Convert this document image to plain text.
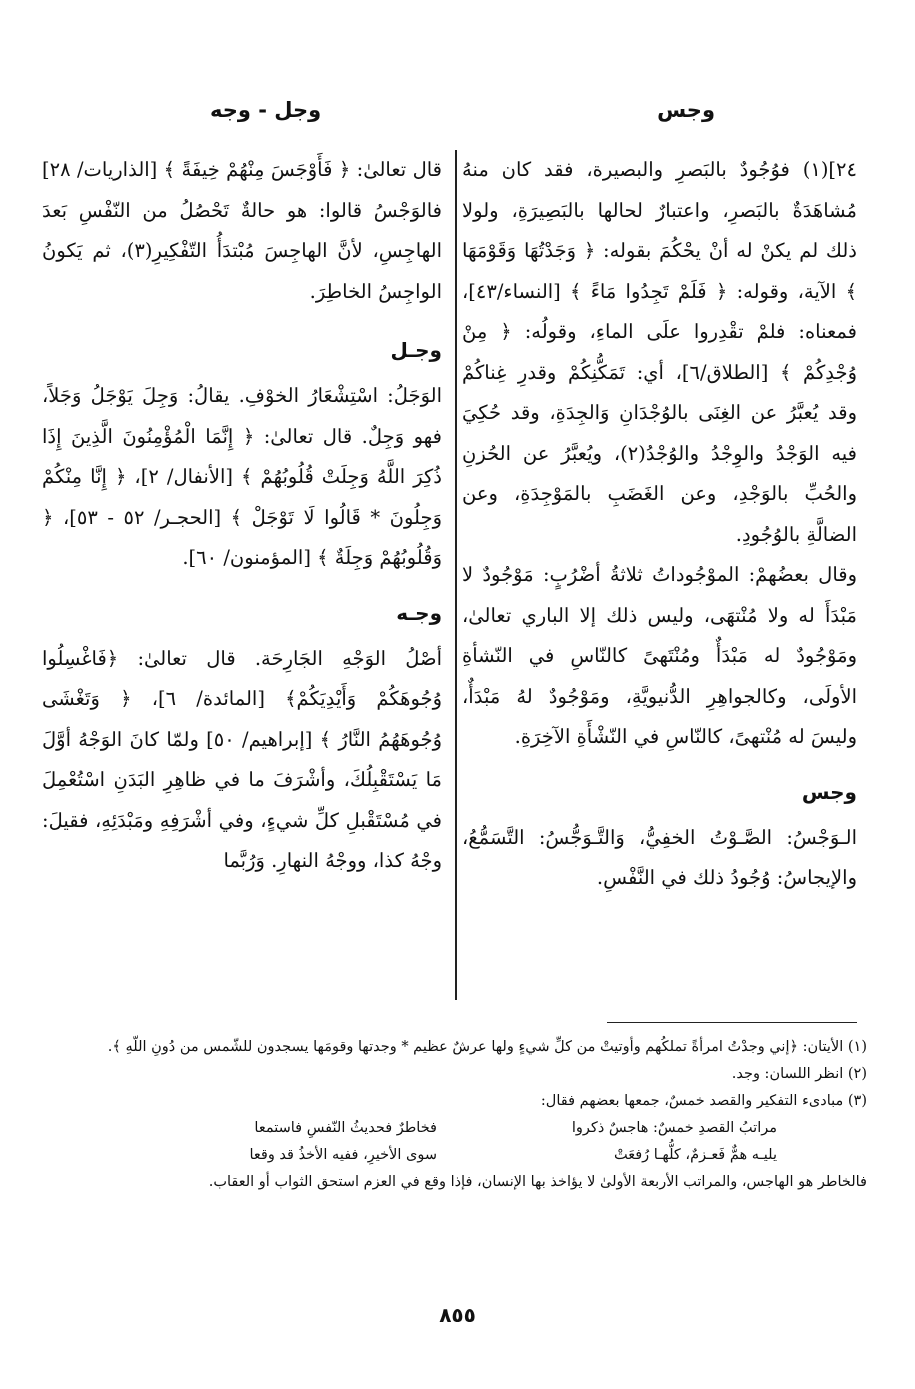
وجس
وجل - وجه

٢٤](١) فوُجُودٌ بالبَصرِ والبصيرة، فقد كان منهُ مُشاهَدَةٌ بالبَصرِ، واعتبارٌ لحالها بالبَصِيرَةِ، ولولا ذلك لم يكنْ له أنْ يحْكُمَ بقوله: ﴿ وَجَدْتُهَا وَقَوْمَهَا ﴾ الآية، وقوله: ﴿ فَلَمْ تَجِدُوا مَاءً ﴾ [النساء/٤٣]، فمعناه: فلمْ تقْدِروا علَى الماءِ، وقولُه: ﴿ مِنْ وُجْدِكُمْ ﴾ [الطلاق/٦]، أي: تَمَكُّنِكُمْ وقدرِ غِناكُمْ وقد يُعبَّرُ عن الغِنَى بالوُجْدَانِ وَالجِدَةِ، وقد حُكِيَ فيه الوَجْدُ والوِجْدُ والوُجْدُ(٢)، ويُعبَّرُ عن الحُزنِ والحُبِّ بالوَجْدِ، وعن الغَضَبِ بالمَوْجِدَةِ، وعن الضالَّةِ بالوُجُودِ.

وقال بعضُهمْ: الموْجُوداتُ ثلاثةُ أضْرُبٍ: مَوْجُودٌ لا مَبْدَأَ له ولا مُنْتهَى، وليس ذلك إلا الباري تعالىٰ، ومَوْجُودٌ له مَبْدَأٌ ومُنْتَهىً كالنّاسِ في النّشأةِ الأولَى، وكالجواهِرِ الدُّنيويَّةِ، ومَوْجُودٌ لهُ مَبْدَأٌ، وليسَ له مُنْتهىً، كالنّاسِ في النّشْأَةِ الآخِرَةِ.

وجس

الـوَجْسُ: الصَّـوْتُ الخفِيُّ، وَالتَّـوَجُّسُ: التَّسَمُّعُ، والإيجاسُ: وُجُودُ ذلك في النَّفْسِ.

قال تعالىٰ: ﴿ فَأَوْجَسَ مِنْهُمْ خِيفَةً ﴾ [الذاريات/ ٢٨] فالوَجْسُ قالوا: هو حالةٌ تَحْصُلُ من النّفْسِ بَعدَ الهاجِسِ، لأنَّ الهاجِسَ مُبْتدَأُ التّفْكِيرِ(٣)، ثم يَكونُ الواجِسُ الخاطِرَ.

وجـل

الوَجَلُ: اسْتِشْعَارُ الخوْفِ. يقالُ: وَجِلَ يَوْجَلُ وَجَلاً، فهو وَجِلٌ. قال تعالىٰ: ﴿ إِنَّمَا الْمُؤْمِنُونَ الَّذِينَ إِذَا ذُكِرَ اللَّهُ وَجِلَتْ قُلُوبُهُمْ ﴾ [الأنفال/ ٢]، ﴿ إِنَّا مِنْكُمْ وَجِلُونَ * قَالُوا لَا تَوْجَلْ ﴾ [الحجـر/ ٥٢ - ٥٣]، ﴿ وَقُلُوبُهُمْ وَجِلَةٌ ﴾ [المؤمنون/ ٦٠].

وجـه

أصْلُ الوَجْهِ الجَارِحَة. قال تعالىٰ: ﴿فَاغْسِلُوا وُجُوهَكُمْ وَأَيْدِيَكُمْ﴾ [المائدة/ ٦]، ﴿ وَتَغْشَى وُجُوهَهُمُ النَّارُ ﴾ [إبراهيم/ ٥٠] ولمّا كانَ الوَجْهُ أوَّلَ مَا يَسْتَقْبِلُكَ، وأشْرَفَ ما في ظاهِرِ البَدَنِ اسْتُعْمِلَ في مُسْتَقْبلِ كلِّ شيءٍ، وفي أشْرَفِهِ ومَبْدَئِهِ، فقيلَ: وجْهُ كذا، ووجْهُ النهارِ. وَرُبَّما

(١) الأيتان: ﴿إني وجدْتُ امرأةً تملكُهم وأوتيتْ من كلِّ شيءٍ ولها عرشٌ عظيم * وجدتها وقومَها يسجدون للشّمس من دُونِ اللّهِ ﴾.

(٢) انظر اللسان: وجد.

(٣) مبادىء التفكير والقصد خمسٌ، جمعها بعضهم فقال:

مراتبُ القصدِ خمسٌ: هاجسٌ ذكروا
فخاطرٌ فحديثُ النّفسِ فاستمعا
يليـه همٌّ فَعـزمٌ، كلُّهـا رُفعَتْ
سوى الأخيرِ، ففيه الأخذُ قد وقعا

فالخاطر هو الهاجس، والمراتب الأربعة الأولىٰ لا يؤاخذ بها الإنسان، فإذا وقع في العزم استحق الثواب أو العقاب.

٨٥٥
